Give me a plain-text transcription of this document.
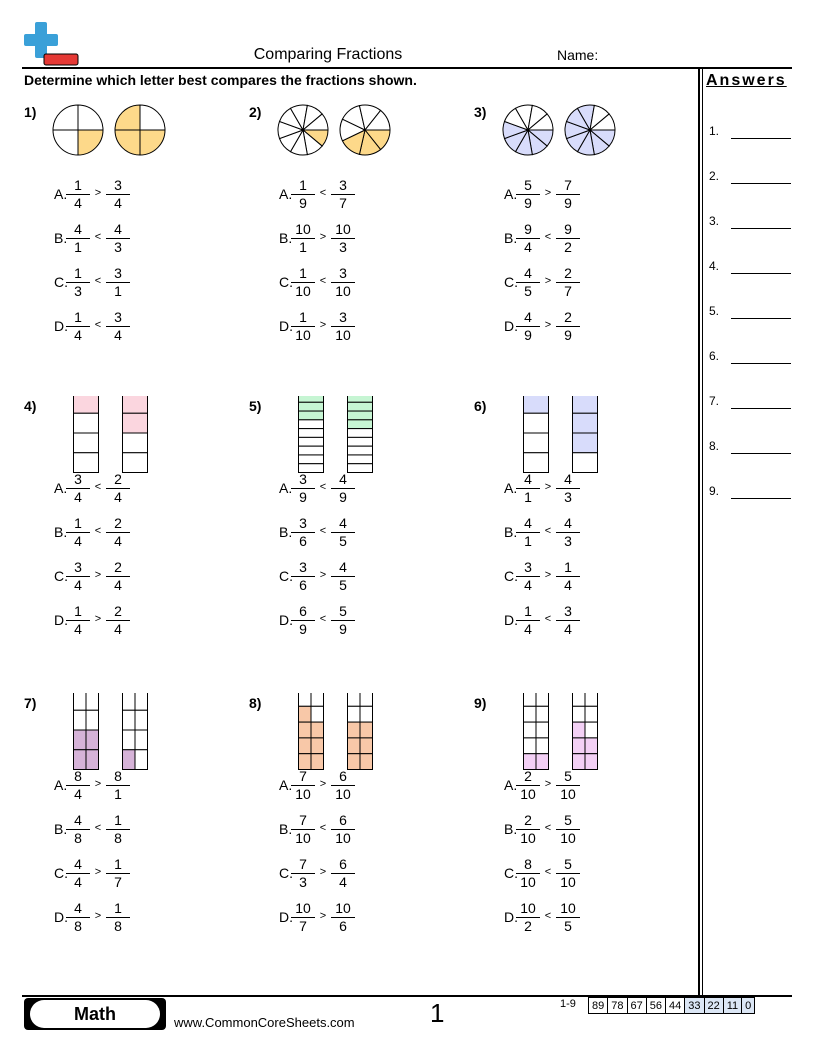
Comparing Fractions	Name:
Determine which letter best compares the fractions shown.	Answers
1.
2.
3.
4.
5.
6.
7.
8.
9.
1)
A.
$\frac{1}{4} > \frac{3}{4}$
B.
$\frac{4}{1} < \frac{4}{3}$
C.
$\frac{1}{3} < \frac{3}{1}$
D.
$\frac{1}{4} < \frac{3}{4}$
2)
A.
$\frac{1}{9} < \frac{3}{7}$
B.
$\frac{10}{1} > \frac{10}{3}$
C.
$\frac{1}{10} < \frac{3}{10}$
D.
$\frac{1}{10} > \frac{3}{10}$
3)
A.
$\frac{5}{9} > \frac{7}{9}$
B.
$\frac{9}{4} < \frac{9}{2}$
C.
$\frac{4}{5} > \frac{2}{7}$
D.
$\frac{4}{9} > \frac{2}{9}$
4)
A.
$\frac{3}{4} < \frac{2}{4}$
B.
$\frac{1}{4} < \frac{2}{4}$
C.
$\frac{3}{4} > \frac{2}{4}$
D.
$\frac{1}{4} > \frac{2}{4}$
5)
A.
$\frac{3}{9} < \frac{4}{9}$
B.
$\frac{3}{6} < \frac{4}{5}$
C.
$\frac{3}{6} > \frac{4}{5}$
D.
$\frac{6}{9} < \frac{5}{9}$
6)
A.
$\frac{4}{1} > \frac{4}{3}$
B.
$\frac{4}{1} < \frac{4}{3}$
C.
$\frac{3}{4} > \frac{1}{4}$
D.
$\frac{1}{4} < \frac{3}{4}$
7)
A.
$\frac{8}{4} > \frac{8}{1}$
B.
$\frac{4}{8} < \frac{1}{8}$
C.
$\frac{4}{4} > \frac{1}{7}$
D.
$\frac{4}{8} > \frac{1}{8}$
8)
A.
$\frac{7}{10} > \frac{6}{10}$
B.
$\frac{7}{10} < \frac{6}{10}$
C.
$\frac{7}{3} > \frac{6}{4}$
D.
$\frac{10}{7} > \frac{10}{6}$
9)
A.
$\frac{2}{10} > \frac{5}{10}$
B.
$\frac{2}{10} < \frac{5}{10}$
C.
$\frac{8}{10} < \frac{5}{10}$
D.
$\frac{10}{2} < \frac{10}{5}$
Math	www.CommonCoreSheets.com	1	1-9 89	78	67	56	44	33	22	11	0
